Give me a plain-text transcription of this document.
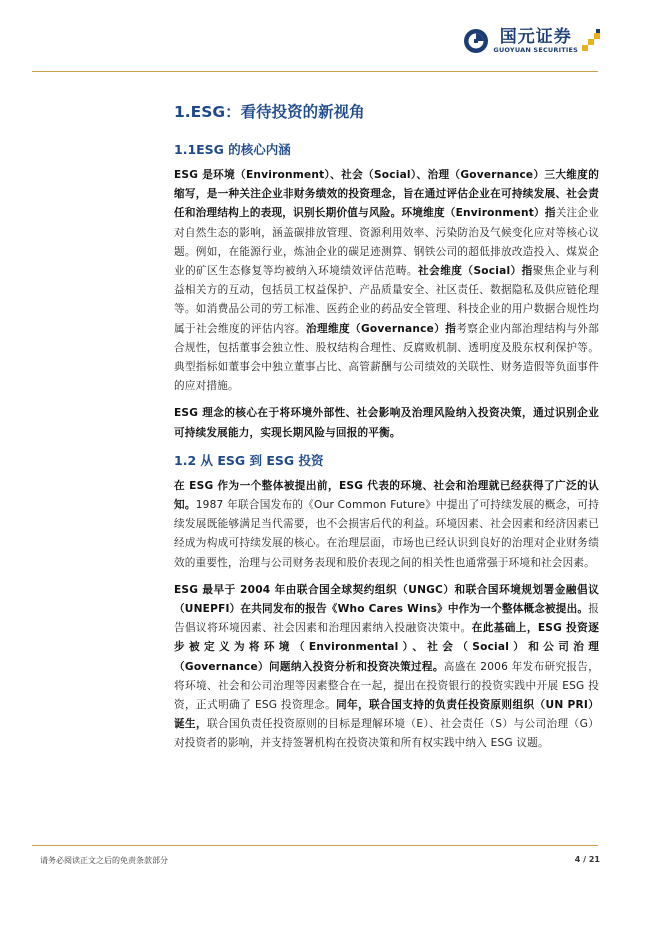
国元证券
GUOYUAN SECURITIES
1.ESG：看待投资的新视角
1.1ESG 的核心内涵

ESG 是环境（Environment）、社会（Social）、治理（Governance）三大维度的缩写，是一种关注企业非财务绩效的投资理念，旨在通过评估企业在可持续发展、社会责任和治理结构上的表现，识别长期价值与风险。环境维度（Environment）指关注企业对自然生态的影响，涵盖碳排放管理、资源利用效率、污染防治及气候变化应对等核心议题。例如，在能源行业，炼油企业的碳足迹测算、钢铁公司的超低排放改造投入、煤炭企业的矿区生态修复等均被纳入环境绩效评估范畴。社会维度（Social）指聚焦企业与利益相关方的互动，包括员工权益保护、产品质量安全、社区责任、数据隐私及供应链伦理等。如消费品公司的劳工标准、医药企业的药品安全管理、科技企业的用户数据合规性均属于社会维度的评估内容。治理维度（Governance）指考察企业内部治理结构与外部合规性，包括董事会独立性、股权结构合理性、反腐败机制、透明度及股东权利保护等。典型指标如董事会中独立董事占比、高管薪酬与公司绩效的关联性、财务造假等负面事件的应对措施。

ESG 理念的核心在于将环境外部性、社会影响及治理风险纳入投资决策，通过识别企业可持续发展能力，实现长期风险与回报的平衡。

1.2 从 ESG 到 ESG 投资

在 ESG 作为一个整体被提出前，ESG 代表的环境、社会和治理就已经获得了广泛的认知。1987 年联合国发布的《Our Common Future》中提出了可持续发展的概念，可持续发展既能够满足当代需要，也不会损害后代的利益。环境因素、社会因素和经济因素已经成为构成可持续发展的核心。在治理层面，市场也已经认识到良好的治理对企业财务绩效的重要性，治理与公司财务表现和股价表现之间的相关性也通常强于环境和社会因素。

ESG 最早于 2004 年由联合国全球契约组织（UNGC）和联合国环境规划署金融倡议（UNEPFI）在共同发布的报告《Who Cares Wins》中作为一个整体概念被提出。报告倡议将环境因素、社会因素和治理因素纳入投融资决策中。在此基础上，ESG 投资逐步被定义为将环境（Environmental）、社会（Social）和公司治理（Governance）问题纳入投资分析和投资决策过程。高盛在 2006 年发布研究报告，将环境、社会和公司治理等因素整合在一起，提出在投资银行的投资实践中开展 ESG 投资，正式明确了 ESG 投资理念。同年，联合国支持的负责任投资原则组织（UN PRI）诞生，联合国负责任投资原则的目标是理解环境（E）、社会责任（S）与公司治理（G）对投资者的影响，并支持签署机构在投资决策和所有权实践中纳入 ESG 议题。

请务必阅读正文之后的免责条款部分	4 / 21
